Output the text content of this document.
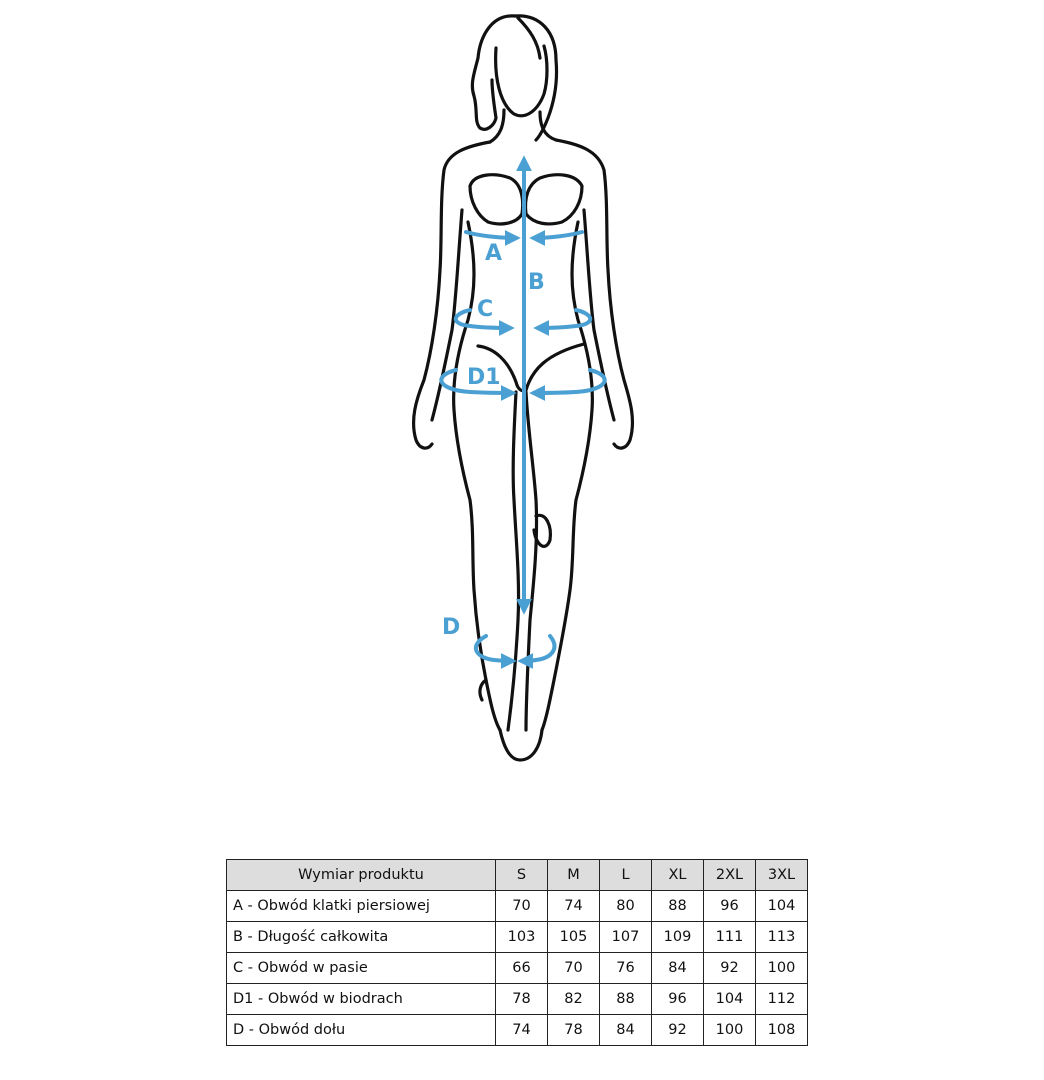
A
B
C
D1
D
Wymiar produktu	S	M	L	XL	2XL	3XL
A - Obwód klatki piersiowej	70	74	80	88	96	104
B - Długość całkowita	103	105	107	109	111	113
C - Obwód w pasie	66	70	76	84	92	100
D1 - Obwód w biodrach	78	82	88	96	104	112
D - Obwód dołu	74	78	84	92	100	108
